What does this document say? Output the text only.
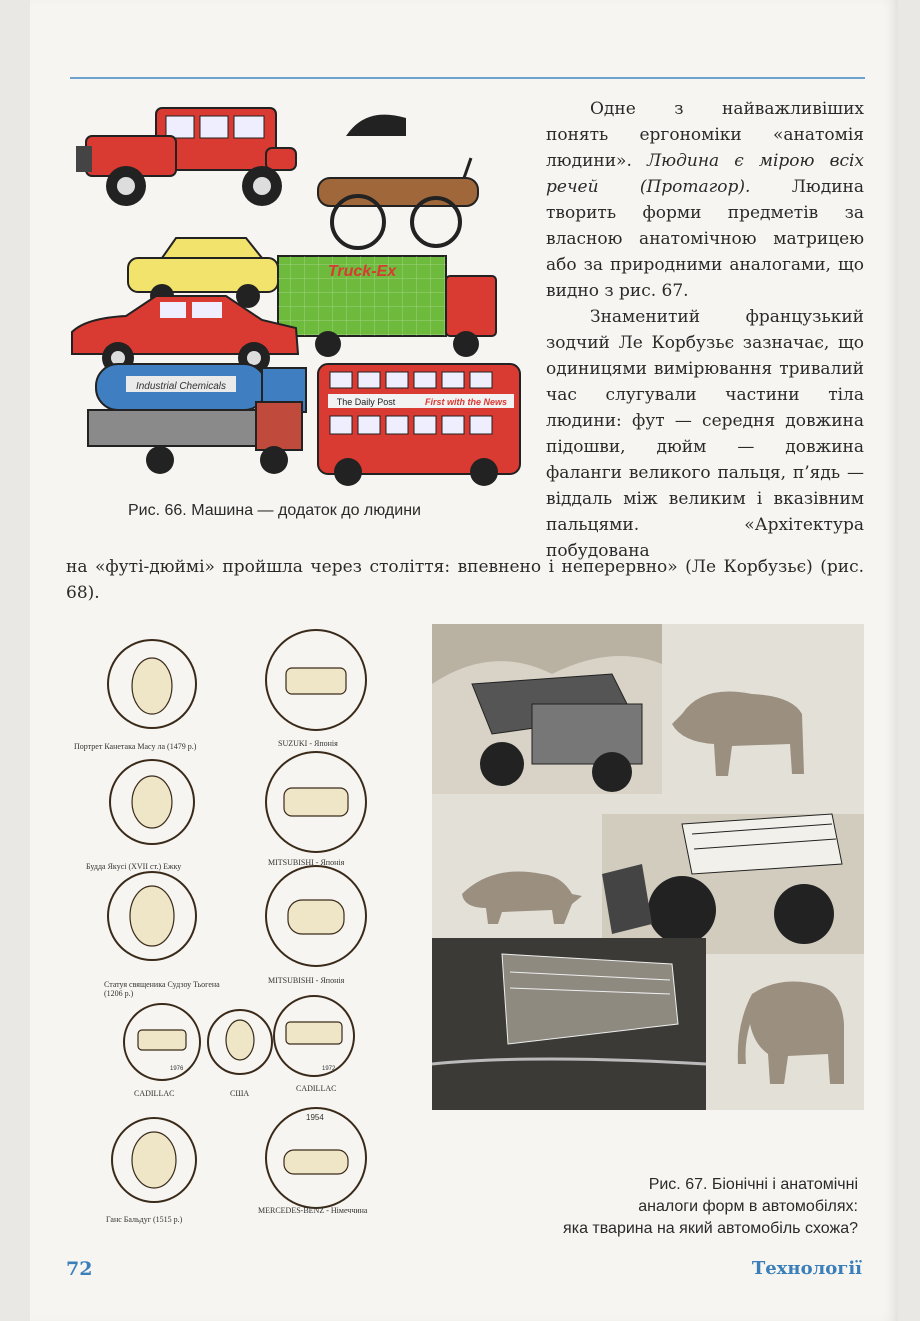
Truck-Ex
Industrial Chemicals
The Daily Post	First with the News

Одне з найважливіших понять ергономіки «анатомія людини». Людина є мірою всіх речей (Протагор). Людина творить форми предметів за власною анатомічною матрицею або за природними аналогами, що видно з рис. 67.

Знаменитий французький зодчий Ле Корбузьє зазначає, що одиницями вимірювання тривалий час слугували частини тіла людини: фут — середня довжина підошви, дюйм — довжина фаланги великого пальця, п’ядь — віддаль між великим і вказівним пальцями. «Архітектура побудована

Рис. 66. Машина — додаток до людини

на «футі-дюймі» пройшла через століття: впевнено і неперервно» (Ле Корбузьє) (рис. 68).

1954
1976	1972
Портрет Канетака Масу ла (1479 р.)	SUZUKI - Японія
Будда Якусі (XVII ст.) Ежку	MITSUBISHI - Японія
Статуя священика Судзоу Тьогена (1206 р.)
MITSUBISHI - Японія
CADILLAC	США
CADILLAC
Ганс Бальдуг (1515 р.)
MERCEDES-BENZ - Німеччина
Рис. 67. Біонічні і анатомічні
аналоги форм в автомобілях:
яка тварина на який автомобіль схожа?
72	Технології
